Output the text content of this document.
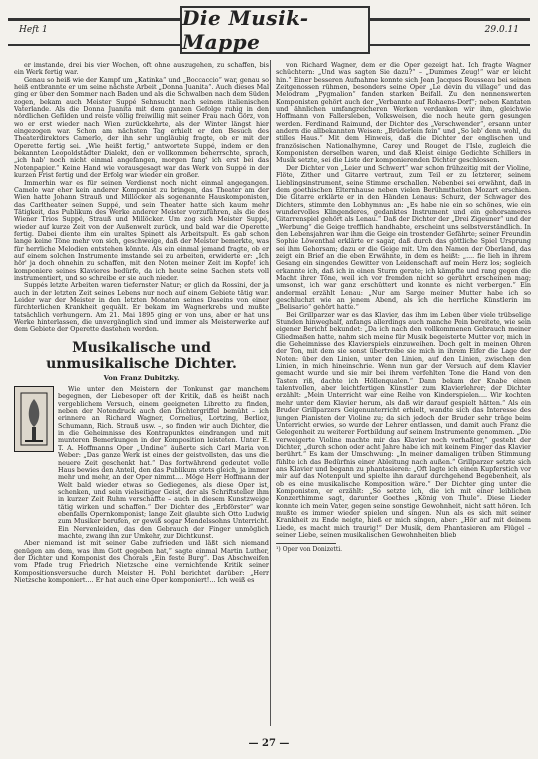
Heft 1	Die Musik-Mappe	29.0.11

er imstande, drei bis vier Wochen, oft ohne auszugehen, zu schaffen, bis ein Werk fertig war.

Genau so heiß wie der Kampf um „Katinka“ und „Boccaccio“ war, genau so heiß entbrannte er um seine nächste Arbeit „Donna Juanita“. Auch dieses Mal ging er über den Sommer nach Baden und als die Schwalben nach dem Süden zogen, bekam auch Meister Suppé Sehnsucht nach seinem italienischen Vaterlande. Als die Donna Juanita mit dem ganzen Gefolge ruhig in den nördlichen Gefilden und reiste völlig freiwillig mit seiner Frau nach Görz, von wo er erst wieder nach Wien zurückkehrte, als der Winter längst hier eingezogen war. Schon am nächsten Tag erhielt er den Besuch des Theaterdirektors Camerlo, der ihn sehr ungläubig fragte, ob er mit der Operette fertig sei. „Wie heißt fertig,“ antwortete Suppé, indem er den bekannten Leopoldstädter Dialekt, den er vollkommen beherrschte, sprach, „ich hab' noch nicht einmal angefangen, morgen fang' ich erst bei das Notenpapier.“ Keine Hand wie vorausgesagt war das Werk von Suppé in der kurzen Frist fertig und der Erfolg war wieder ein großer.

Immerhin war es für seinen Verdienst noch nicht einmal angegangen. Camelo war eher kein anderer Komponist zu bringen, das Theater am der Wien hatte Johann Strauß und Millöcker als sogenannte Hauskomponisten, das Carltheater seinen Suppé, und sein Theater hatte sich kaum mehr Tätigkeit, das Publikum des Werke anderer Meister vorzuführen, als die des Wiener Trios Suppé, Strauß und Millöcker. Um zog sich Meister Suppé, wieder auf kurze Zeit von der Außenwelt zurück, und bald war die Operette fertig. Dabei diente ihm ein uraltes Spinett als Arbeitspult. Es gab schon lange keine Töne mehr von sich, geschweige, daß der Meister bemerkte, was für herrliche Melodien entstehen könnte. Als ein einmal jemand fragte, ob er auf einem solchen Instrumente imstande sei zu arbeiten, erwiderte er: „Ich hör' ja doch ohnehin zu schaffen, mit den Noten meiner Zeit im Kopfe! ich komponiere seines Klavieres bedürfe, da ich heute seine Sachen stets voll instrumentiert, und so schreibe er sie auch nieder.

Suppés letzte Arbeiten waren tiefernster Natur; er glich da Rossini, der ja auch in der letzten Zeit seines Lebens nur noch auf einem Gebiete tätig war. Leider war der Meister in den letzten Monaten seines Daseins von einer fürchterlichen Krankheit gequält. Er bekam im Wagnerkrebs und mußte tatsächlich verhungern. Am 21. Mai 1895 ging er von uns, aber er hat uns Werke hinterlassen, die unvergänglich sind und immer als Meisterwerke auf dem Gebiete der Operette dastehen werden.

Musikalische und unmusikalische Dichter.
Von Franz Dubitzky.

Wie unter den Meistern der Tonkunst gar manchem begegnen, der Liebesoper oft der Kritik, daß es heißt nach vergeblichem Versuch, einem geeigneten Libretto zu finden, neben der Notendruck auch den Dichtergriffel bemüht – ich erinnere an Richard Wagner, Cornelius, Lortzing, Berlioz, Schumann, Rich. Strauß usw. –, so finden wir auch Dichter, die in die Geheimnisse des Kontrapunktes eindrangen und mit munteren Bemerkungen in der Komposition leisteten. Unter E. T. A. Hoffmanns Oper „Undine“ äußerte sich Carl Maria von Weber: „Das ganze Werk ist eines der geistvollsten, das uns die neuere Zeit geschenkt hat.“ Das fortwährend gedeutet volle Haus bewies den Anteil, den das Publikum stets gleich, ja immer mehr und mehr, an der Oper nimmt.... Möge Herr Hoffmann der Welt bald wieder etwas so Gediegenes, als diese Oper ist, schenken, und sein vielseitiger Geist, der als Schriftsteller ihm in kurzer Zeit Ruhm verschaffte – auch in diesem Kunstzweige tätig wirken und schaffen.“ Der Dichter des „Erbförster“ war ebenfalls Opernkomponist; lange Zeit glaubte sich Otto Ludwig zum Musiker berufen, er gewiß sogar Mendelssohns Unterricht. Ein Nervenleiden, das den Gebrauch der Finger unmöglich machte, zwang ihn zur Umkehr, zur Dichtkunst.

Aber niemand ist mit seiner Gabe zufrieden und läßt sich niemand genügen am dem, was ihm Gott gegeben hat,“ sagte einmal Martin Luther, der Dichter und Komponist des Chorals „Ein feste Burg“. Das Abschweifen vom Pfade trug Friedrich Nietzsche eine vernichtende Kritik seiner Kompositionsversuche durch Meister H. Pohl berichtet darüber: „Herr Nietzsche komponiert.... Er hat auch eine Oper komponiert!... Ich weiß es

von Richard Wagner, dem er die Oper gezeigt hat. Ich fragte Wagner schüchtern: „Und was sagten Sie dazu?“ – „Dummes Zeug!“ war er leicht hin.“ Einer besseren Aufnahme konnte sich Jean Jacques Rousseau bei seinen Zeitgenossen rühmen, besonders seine Oper „Le devin du village“ und das Melodram „Pygmalion“ fanden starken Beifall. Zu den nennenswerten Komponisten gehört auch der „Verbannte auf Rohaens-Dorf“; neben Kantaten und ähnlichen umfangreicheren Werken verdanken wir ihm, gleichwie Hoffmann von Fallersleben, Volksweisen, die noch heute gern gesungen werden. Ferdinand Raimund, der Dichter des „Verschwender“, ersann unter andern die allbekannten Weisen: „Brüderlein fein“ und „So leb' denn wohl, du stilles Haus.“ Mit dem Hinweis, daß die Dichter der englischen und französischen Nationalhymne, Carey und Rouget de l'Isle, zugleich die Komponisten derselben waren, und daß Kleist einige Gedichte Schillers in Musik setzte, sei die Liste der komponierenden Dichter geschlossen.

Der Dichter von „Leier und Schwert“ war schon frühzeitig mit der Violine, Flöte, Zither und Gitarre vertraut, zum Teil er zu letzterer, seinem Lieblingsinstrument, seine Stimme erschallen. Nebenbei sei erwähnt, daß in dem goethischen Elternhause neben vielen Berühmtheiten Mozart erschien. Die Gitarre erklärte er in den Händen Lenaus: Schurz, der Schwager des Dichters, stimmte den Lobhymnus an: „Es habe nie ein so schönes, wie ein wundervolles Klingenderes, gedanktes Instrument und ein gehorsameres Gitarrenspiel gehört als Lenau.“ Daß der Dichter der „Drei Zigeuner“ und der „Werbung“ die Geige trefflich handhabte, erscheint uns selbstverständlich. In den Lebensjahren war ihm die Geige ein trostender Gefährte; seiner Freundin Sophie Löwenthal erklärte er sagar, daß durch das göttliche Spiel Ursprung sei ihm Gehorsam; dazu er die Geige mit. Um den Namen der Oberland, das zeigt ein Brief an die eben Erwähnte, in dem es heißt: „.... fie lieh in ihrem Gesang ein singendes Gewitter von Leidenschaft auf mein Herz los; sogleich erkannte ich, daß ich in einen Sturm gerate; ich kämpfte und rang gegen die Macht ihrer Töne, weil ich vor fremden nicht so gerührt erscheinen mag; umsonst, ich war ganz erschüttert und konnte es nicht verbergen.“ Ein andermal erzählt Lenau: „Nur am Sarge meiner Mutter habe ich so geschluchzt wie an jenem Abend, als ich die herrliche Künstlerin im „Belisario“ gehört hatte.“

Bei Grillparzer war es das Klavier, das ihm im Leben über viele trübselige Stunden hinweghalf, anfangs allerdings auch manche Pein bereitete, wie sein eigener Bericht bekundet: „Da ich nach den vollkommenen Gebrauch meiner Gliedmaßen hatte, nahm sich meine für Musik begeisterte Mutter vor, mich in die Geheimnisse des Klavierspiels einzuweihen. Doch gelt in meinen Ohren der Ton, mit dem sie sonst übertreibe sie mich in ihrem Eifer die Lage der Noten: über den Linien, unter den Linien, auf den Linien, zwischen den Linien, in mich hineinschrie. Wenn nun gar der Versuch auf dem Klavier gemacht wurde und sie mir bei ihrem verfehlten Tone die Hand von den Tasten riß, dachte ich Höllenqualen.“ Dann bekam der Knabe einen talentvollen, aber leichtfertigen Künstler zum Klavierlehrer; der Dichter erzählt: „Mein Unterricht war eine Reihe von Kinderspielen.... Wir kochten mehr unter dem Klavier herum, als daß wir darauf gespielt hätten.“ Als ein Bruder Grillparzers Geigenunterricht erhielt, wandte sich das Interesse des jungen Pianisten der Violine zu; da sich jedoch der Bruder sehr träge beim Unterricht erwies, so wurde der Lehrer entlassen, und damit auch Franz die Gelegenheit zu weiterer Fortbildung auf seinem Instrumente genommen. „Die verweigerte Violine machte mir das Klavier noch verhaßter,“ gesteht der Dichter, „durch schon oder acht Jahre habe ich mit keinem Finger das Klavier berührt.“ Es kam der Umschwung: „In meiner damaligen trüben Stimmung fühlte ich das Bedürfnis einer Ableitung nach außen.“ Grillparzer setzte sich ans Klavier und begann zu phantasieren: „Oft lagte ich einen Kupferstich vor mir auf das Notenpult und spielte ihn darauf durchgehend Begebenheit, als ob es eine musikalische Komposition wäre.“ Der Dichter ging unter die Komponisten, er erzählt: „So setzte ich, die ich mit einer leiblichen Konzerthimme sagt, darunter Goethes „König von Thule“. Diese Lieder konnte ich mein Vater, gegen seine sonstige Gewohnheit, nicht satt hören. Ich mußte es immer wieder spielen und singen. Nun als es sich mit seiner Krankheit zu Ende neigte, hieß er mich singen, aber: „Hör auf mit deinem Liede, es macht mich traurig!“ Der Musik, dem Phantasieren am Flügel – seiner Liebe, seinen musikalischen Gewohnheiten blieb

¹) Oper von Donizetti.
— 27 —
